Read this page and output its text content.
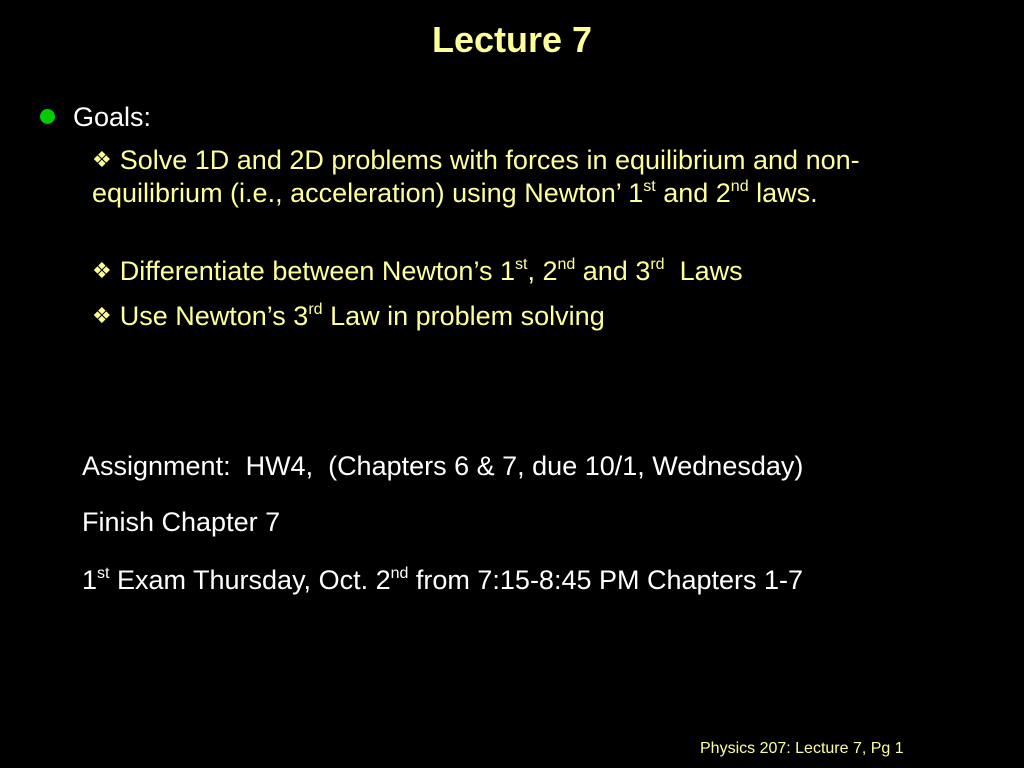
Lecture 7
Goals:
❖ Solve 1D and 2D problems with forces in equilibrium and non-equilibrium (i.e., acceleration) using Newton’ 1st and 2nd laws.
❖ Differentiate between Newton’s 1st, 2nd and 3rd  Laws
❖ Use Newton’s 3rd Law in problem solving
Assignment:  HW4,  (Chapters 6 & 7, due 10/1, Wednesday)
Finish Chapter 7
1st Exam Thursday, Oct. 2nd from 7:15-8:45 PM Chapters 1-7
Physics 207: Lecture 7, Pg 1
